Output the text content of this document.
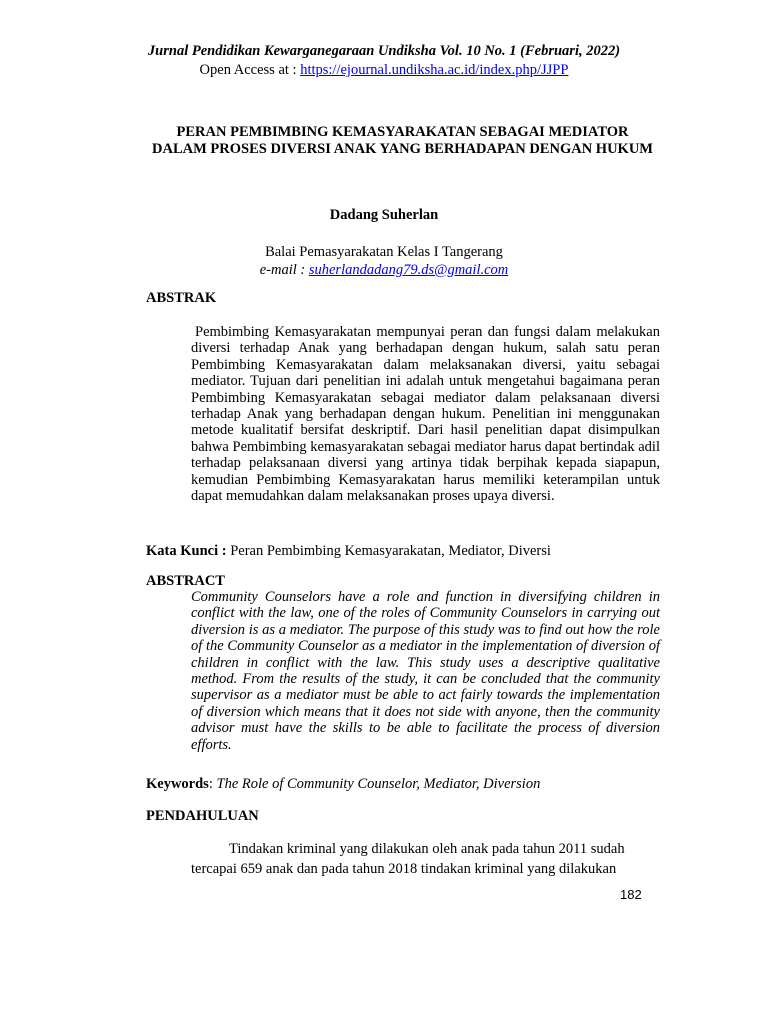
Jurnal Pendidikan Kewarganegaraan Undiksha Vol. 10 No. 1 (Februari, 2022)
Open Access at : https://ejournal.undiksha.ac.id/index.php/JJPP
PERAN PEMBIMBING KEMASYARAKATAN SEBAGAI MEDIATOR DALAM PROSES DIVERSI ANAK YANG BERHADAPAN DENGAN HUKUM
Dadang Suherlan
Balai Pemasyarakatan Kelas I Tangerang
e-mail : suherlandadang79.ds@gmail.com
ABSTRAK
Pembimbing Kemasyarakatan mempunyai peran dan fungsi dalam melakukan diversi terhadap Anak yang berhadapan dengan hukum, salah satu peran Pembimbing Kemasyarakatan dalam melaksanakan diversi, yaitu sebagai mediator. Tujuan dari penelitian ini adalah untuk mengetahui bagaimana peran Pembimbing Kemasyarakatan sebagai mediator dalam pelaksanaan diversi terhadap Anak yang berhadapan dengan hukum. Penelitian ini menggunakan metode kualitatif bersifat deskriptif. Dari hasil penelitian dapat disimpulkan bahwa Pembimbing kemasyarakatan sebagai mediator harus dapat bertindak adil terhadap pelaksanaan diversi yang artinya tidak berpihak kepada siapapun, kemudian Pembimbing Kemasyarakatan harus memiliki keterampilan untuk dapat memudahkan dalam melaksanakan proses upaya diversi.
Kata Kunci : Peran Pembimbing Kemasyarakatan, Mediator, Diversi
ABSTRACT
Community Counselors have a role and function in diversifying children in conflict with the law, one of the roles of Community Counselors in carrying out diversion is as a mediator. The purpose of this study was to find out how the role of the Community Counselor as a mediator in the implementation of diversion of children in conflict with the law. This study uses a descriptive qualitative method. From the results of the study, it can be concluded that the community supervisor as a mediator must be able to act fairly towards the implementation of diversion which means that it does not side with anyone, then the community advisor must have the skills to be able to facilitate the process of diversion efforts.
Keywords: The Role of Community Counselor, Mediator, Diversion
PENDAHULUAN
Tindakan kriminal yang dilakukan oleh anak pada tahun 2011 sudah
tercapai 659 anak dan pada tahun 2018 tindakan kriminal yang dilakukan
182
